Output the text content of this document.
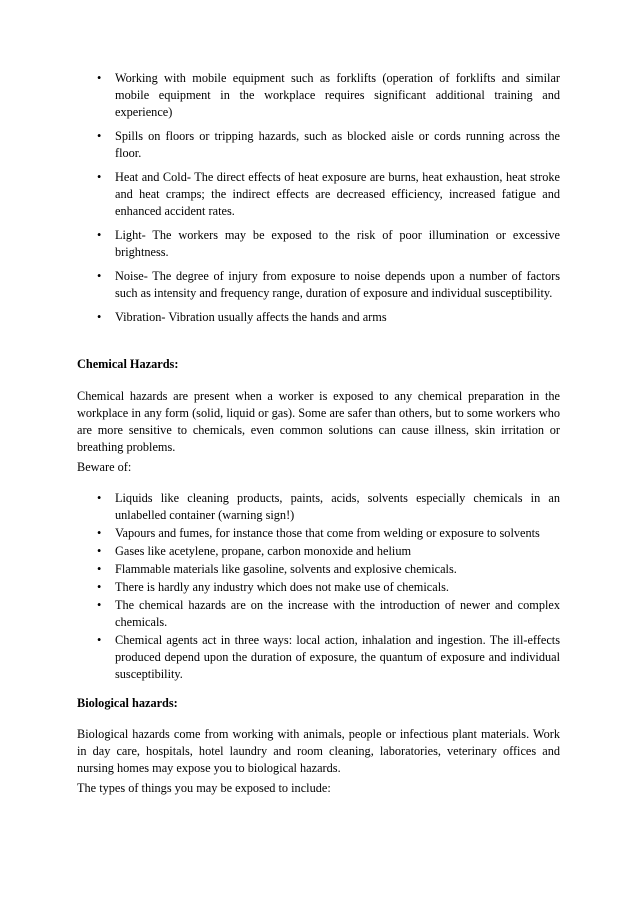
• Working with mobile equipment such as forklifts (operation of forklifts and similar mobile equipment in the workplace requires significant additional training and experience)
• Spills on floors or tripping hazards, such as blocked aisle or cords running across the floor.
• Heat and Cold- The direct effects of heat exposure are burns, heat exhaustion, heat stroke and heat cramps; the indirect effects are decreased efficiency, increased fatigue and enhanced accident rates.
• Light- The workers may be exposed to the risk of poor illumination or excessive brightness.
• Noise- The degree of injury from exposure to noise depends upon a number of factors such as intensity and frequency range, duration of exposure and individual susceptibility.
• Vibration- Vibration usually affects the hands and arms
Chemical Hazards:
Chemical hazards are present when a worker is exposed to any chemical preparation in the workplace in any form (solid, liquid or gas). Some are safer than others, but to some workers who are more sensitive to chemicals, even common solutions can cause illness, skin irritation or breathing problems.
Beware of:
• Liquids like cleaning products, paints, acids, solvents especially chemicals in an unlabelled container (warning sign!)
• Vapours and fumes, for instance those that come from welding or exposure to solvents
• Gases like acetylene, propane, carbon monoxide and helium
• Flammable materials like gasoline, solvents and explosive chemicals.
• There is hardly any industry which does not make use of chemicals.
• The chemical hazards are on the increase with the introduction of newer and complex chemicals.
• Chemical agents act in three ways: local action, inhalation and ingestion. The ill-effects produced depend upon the duration of exposure, the quantum of exposure and individual susceptibility.
Biological hazards:
Biological hazards come from working with animals, people or infectious plant materials. Work in day care, hospitals, hotel laundry and room cleaning, laboratories, veterinary offices and nursing homes may expose you to biological hazards.
The types of things you may be exposed to include:
